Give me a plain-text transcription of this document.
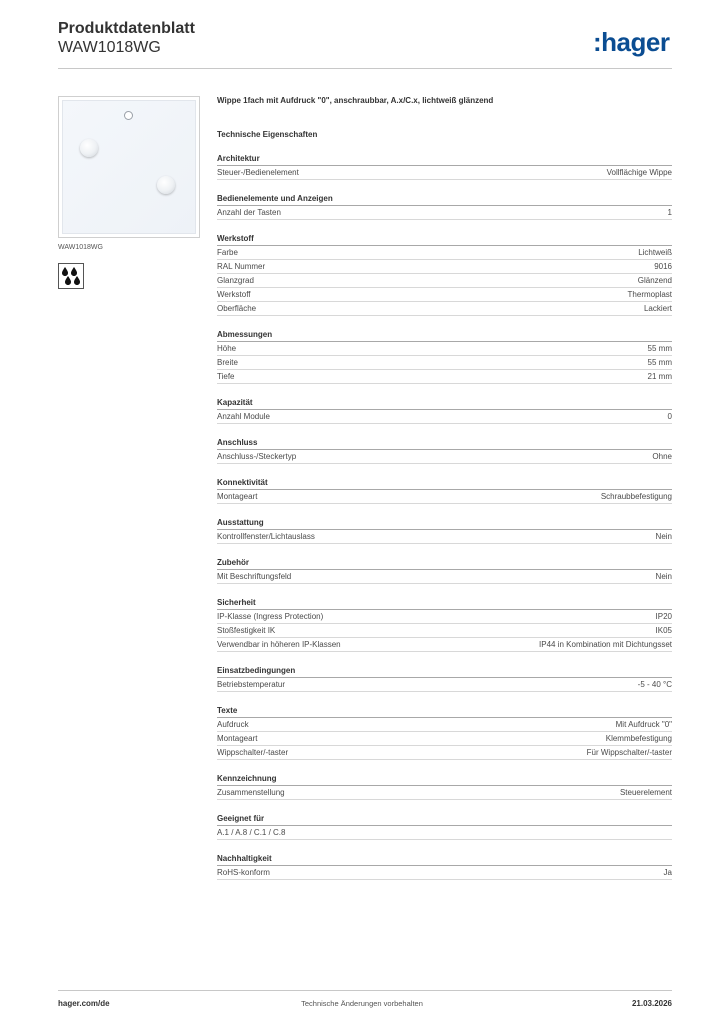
Produktdatenblatt
WAW1018WG	:hager
WAW1018WG
Wippe 1fach mit Aufdruck "0", anschraubbar, A.x/C.x, lichtweiß glänzend
Technische Eigenschaften
Architektur
Steuer-/Bedienelement	Vollflächige Wippe
Bedienelemente und Anzeigen
Anzahl der Tasten	1
Werkstoff
Farbe	Lichtweiß
RAL Nummer	9016
Glanzgrad	Glänzend
Werkstoff	Thermoplast
Oberfläche	Lackiert
Abmessungen
Höhe	55 mm
Breite	55 mm
Tiefe	21 mm
Kapazität
Anzahl Module	0
Anschluss
Anschluss-/Steckertyp	Ohne
Konnektivität
Montageart	Schraubbefestigung
Ausstattung
Kontrollfenster/Lichtauslass	Nein
Zubehör
Mit Beschriftungsfeld	Nein
Sicherheit
IP-Klasse (Ingress Protection)	IP20
Stoßfestigkeit IK	IK05
Verwendbar in höheren IP-Klassen	IP44 in Kombination mit Dichtungsset
Einsatzbedingungen
Betriebstemperatur	-5 - 40 °C
Texte
Aufdruck	Mit Aufdruck "0"
Montageart	Klemmbefestigung
Wippschalter/-taster	Für Wippschalter/-taster
Kennzeichnung
Zusammenstellung	Steuerelement
Geeignet für
A.1 / A.8 / C.1 / C.8
Nachhaltigkeit
RoHS-konform	Ja
hager.com/de	Technische Änderungen vorbehalten	21.03.2026
